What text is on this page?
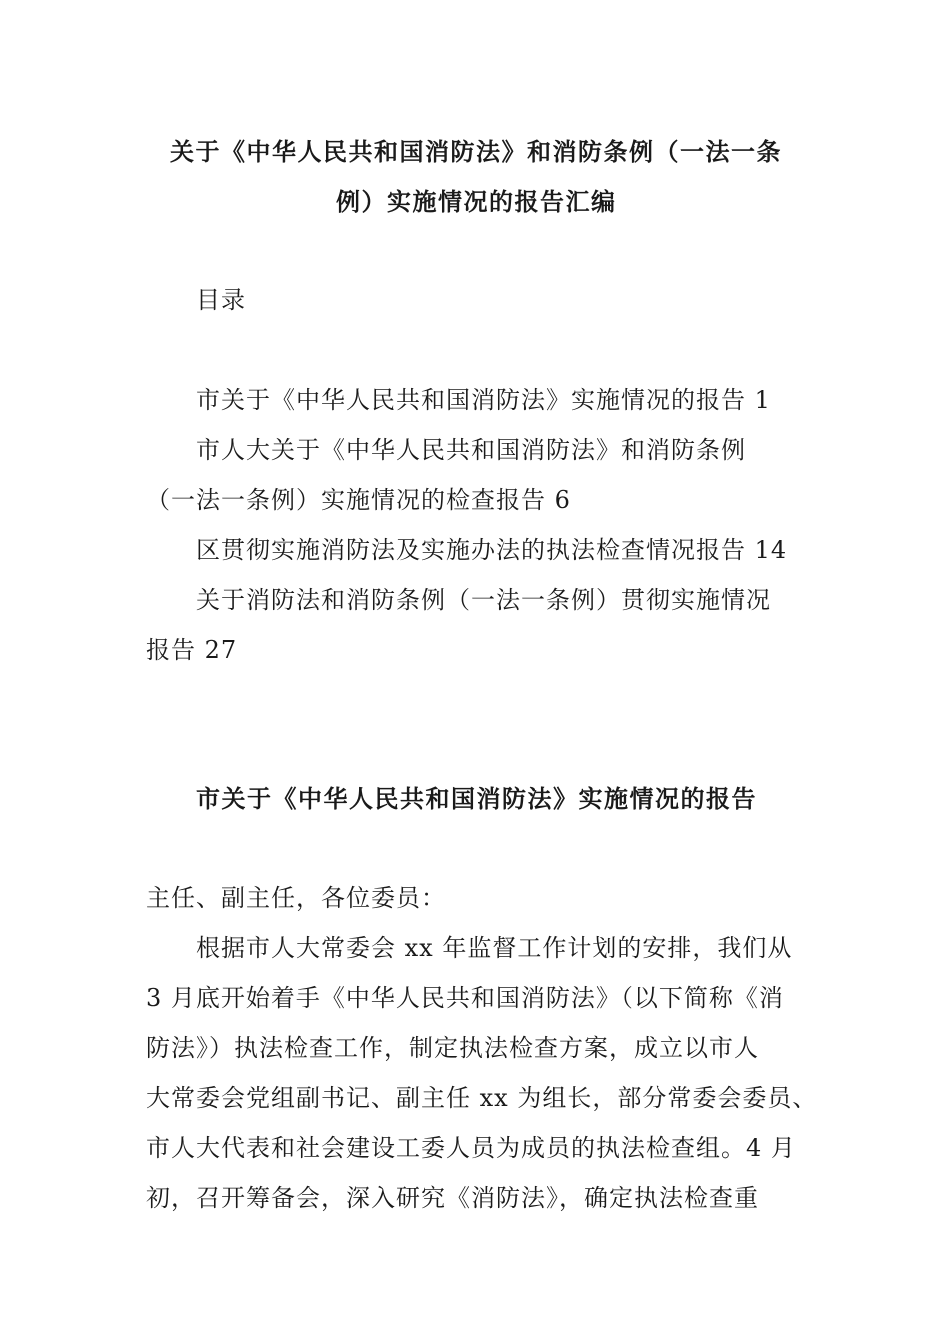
关于《中华人民共和国消防法》和消防条例（一法一条
例）实施情况的报告汇编
目录
市关于《中华人民共和国消防法》实施情况的报告 1
市人大关于《中华人民共和国消防法》和消防条例
（一法一条例）实施情况的检查报告 6
区贯彻实施消防法及实施办法的执法检查情况报告 14
关于消防法和消防条例（一法一条例）贯彻实施情况
报告 27
市关于《中华人民共和国消防法》实施情况的报告
主任、副主任，各位委员：
根据市人大常委会 xx 年监督工作计划的安排，我们从
3 月底开始着手《中华人民共和国消防法》（以下简称《消
防法》）执法检查工作，制定执法检查方案，成立以市人
大常委会党组副书记、副主任 xx 为组长，部分常委会委员、
市人大代表和社会建设工委人员为成员的执法检查组。4 月
初，召开筹备会，深入研究《消防法》，确定执法检查重
